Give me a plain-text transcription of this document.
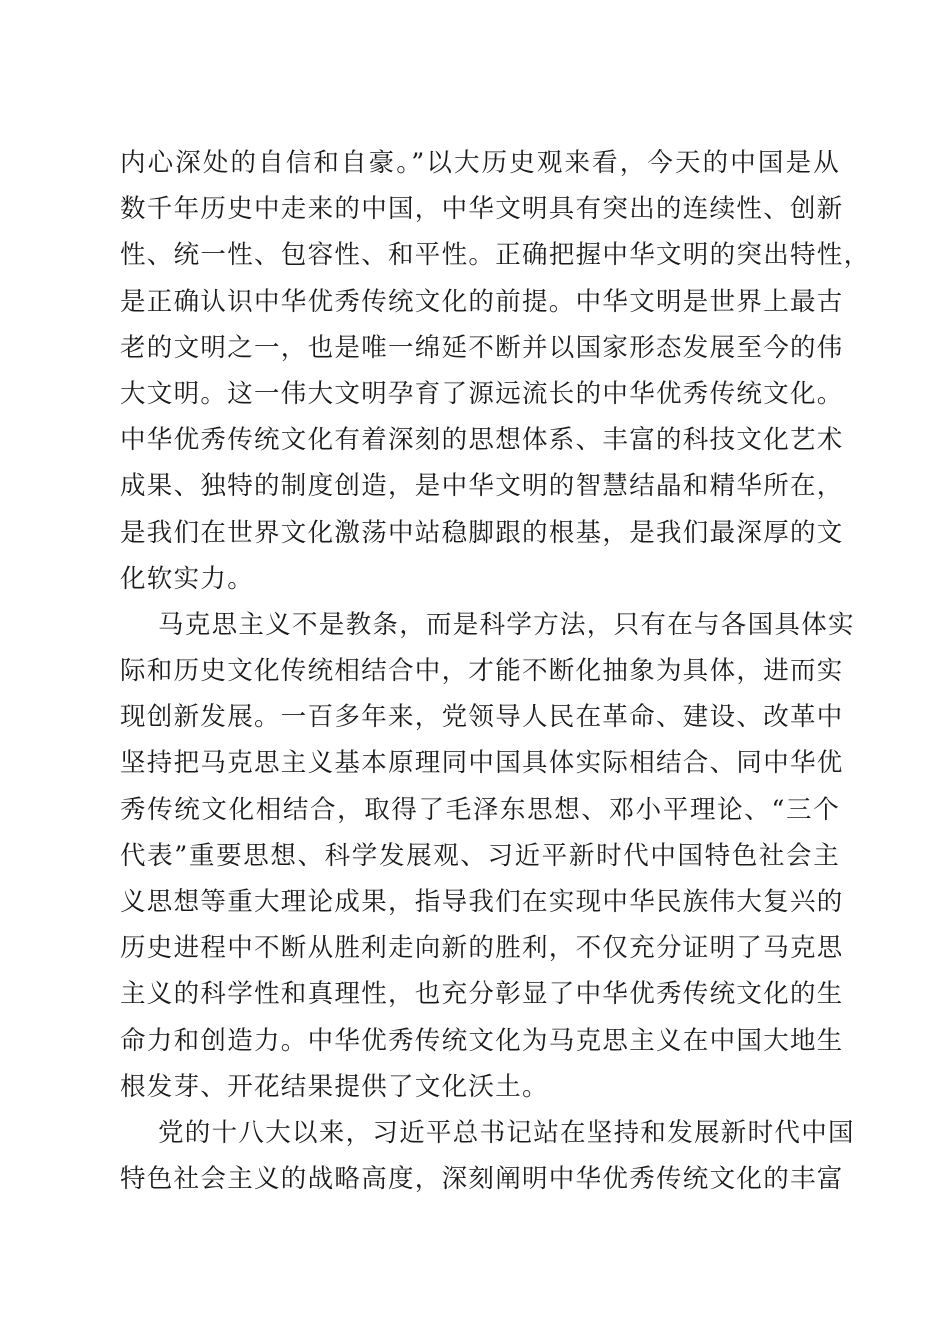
内心深处的自信和自豪。”以大历史观来看，今天的中国是从
数千年历史中走来的中国，中华文明具有突出的连续性、创新
性、统一性、包容性、和平性。正确把握中华文明的突出特性，
是正确认识中华优秀传统文化的前提。中华文明是世界上最古
老的文明之一，也是唯一绵延不断并以国家形态发展至今的伟
大文明。这一伟大文明孕育了源远流长的中华优秀传统文化。
中华优秀传统文化有着深刻的思想体系、丰富的科技文化艺术
成果、独特的制度创造，是中华文明的智慧结晶和精华所在，
是我们在世界文化激荡中站稳脚跟的根基，是我们最深厚的文
化软实力。
马克思主义不是教条，而是科学方法，只有在与各国具体实
际和历史文化传统相结合中，才能不断化抽象为具体，进而实
现创新发展。一百多年来，党领导人民在革命、建设、改革中
坚持把马克思主义基本原理同中国具体实际相结合、同中华优
秀传统文化相结合，取得了毛泽东思想、邓小平理论、“三个
代表”重要思想、科学发展观、习近平新时代中国特色社会主
义思想等重大理论成果，指导我们在实现中华民族伟大复兴的
历史进程中不断从胜利走向新的胜利，不仅充分证明了马克思
主义的科学性和真理性，也充分彰显了中华优秀传统文化的生
命力和创造力。中华优秀传统文化为马克思主义在中国大地生
根发芽、开花结果提供了文化沃土。
党的十八大以来，习近平总书记站在坚持和发展新时代中国
特色社会主义的战略高度，深刻阐明中华优秀传统文化的丰富
